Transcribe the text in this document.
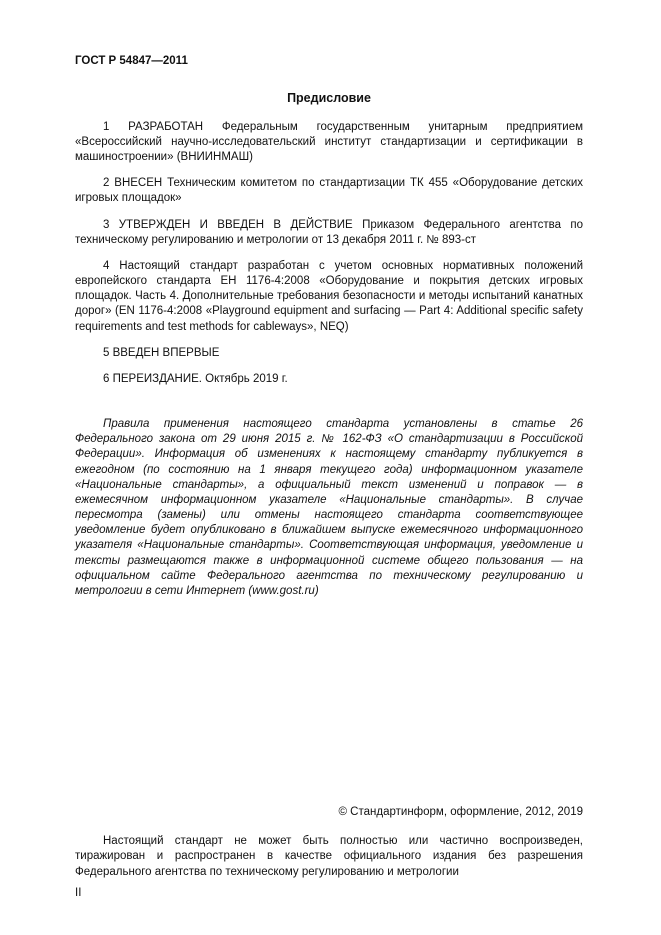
ГОСТ Р 54847—2011
Предисловие

1 РАЗРАБОТАН Федеральным государственным унитарным предприятием «Всероссийский научно-исследовательский институт стандартизации и сертификации в машиностроении» (ВНИИНМАШ)

2 ВНЕСЕН Техническим комитетом по стандартизации ТК 455 «Оборудование детских игровых площадок»

3 УТВЕРЖДЕН И ВВЕДЕН В ДЕЙСТВИЕ Приказом Федерального агентства по техническому регулированию и метрологии от 13 декабря 2011 г. № 893-ст

4 Настоящий стандарт разработан с учетом основных нормативных положений европейского стандарта ЕН 1176-4:2008 «Оборудование и покрытия детских игровых площадок. Часть 4. Дополнительные требования безопасности и методы испытаний канатных дорог» (EN 1176-4:2008 «Playground equipment and surfacing — Part 4: Additional specific safety requirements and test methods for cableways», NEQ)

5 ВВЕДЕН ВПЕРВЫЕ

6 ПЕРЕИЗДАНИЕ. Октябрь 2019 г.

Правила применения настоящего стандарта установлены в статье 26 Федерального закона от 29 июня 2015 г. № 162-ФЗ «О стандартизации в Российской Федерации». Информация об изменениях к настоящему стандарту публикуется в ежегодном (по состоянию на 1 января текущего года) информационном указателе «Национальные стандарты», а официальный текст изменений и поправок — в ежемесячном информационном указателе «Национальные стандарты». В случае пересмотра (замены) или отмены настоящего стандарта соответствующее уведомление будет опубликовано в ближайшем выпуске ежемесячного информационного указателя «Национальные стандарты». Соответствующая информация, уведомление и тексты размещаются также в информационной системе общего пользования — на официальном сайте Федерального агентства по техническому регулированию и метрологии в сети Интернет (www.gost.ru)

© Стандартинформ, оформление, 2012, 2019

Настоящий стандарт не может быть полностью или частично воспроизведен, тиражирован и распространен в качестве официального издания без разрешения Федерального агентства по техническому регулированию и метрологии

II
